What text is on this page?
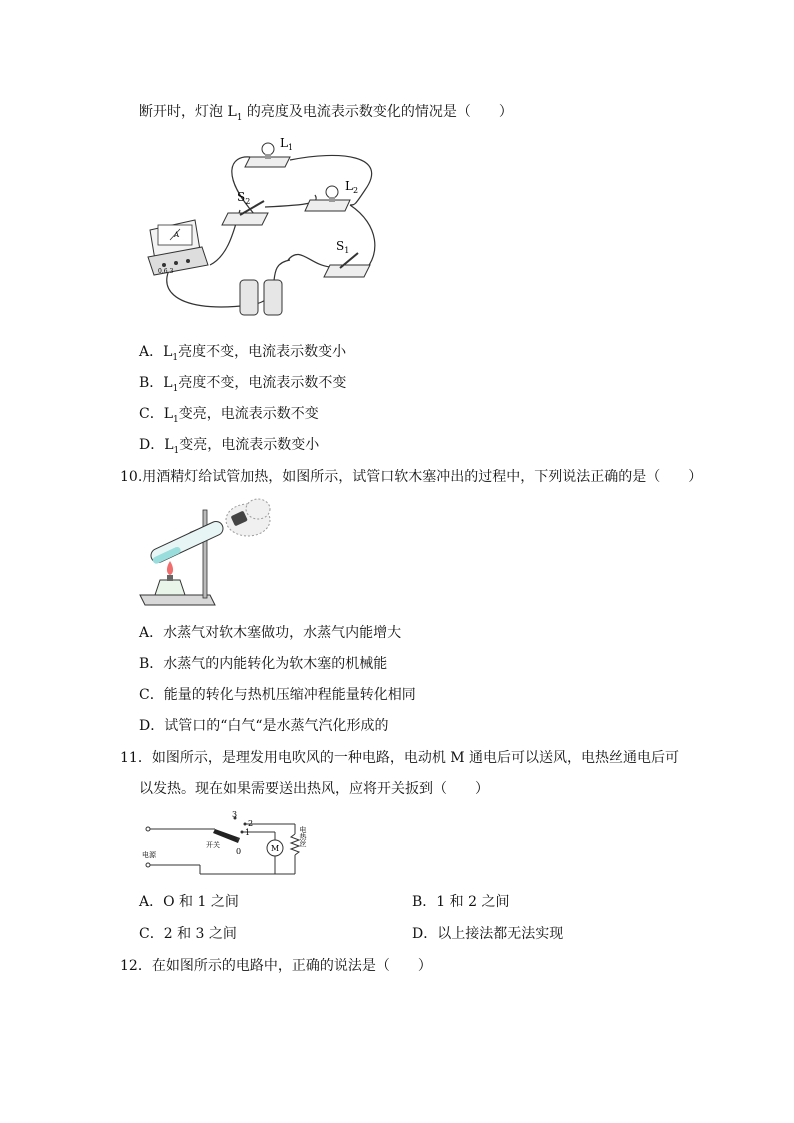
断开时，灯泡 $L_1$ 的亮度及电流表示数变化的情况是（　　）
$L_1$
$L_2$
$S_2$
$S_1$
A
0.6 3
A．$L_1$亮度不变，电流表示数变小
B．$L_1$亮度不变，电流表示数不变
C．$L_1$变亮，电流表示数不变
D．$L_1$变亮，电流表示数变小
10.用酒精灯给试管加热，如图所示，试管口软木塞冲出的过程中，下列说法正确的是（　　）
A．水蒸气对软木塞做功，水蒸气内能增大
B．水蒸气的内能转化为软木塞的机械能
C．能量的转化与热机压缩冲程能量转化相同
D．试管口的“白气“是水蒸气汽化形成的
11．如图所示，是理发用电吹风的一种电路，电动机 M 通电后可以送风，电热丝通电后可
以发热。现在如果需要送出热风，应将开关扳到（　　）
电源
开关
3
2
1
0	M
电热丝
A．O 和 1 之间	B．1 和 2 之间
C．2 和 3 之间	D．以上接法都无法实现
12．在如图所示的电路中，正确的说法是（　　）
